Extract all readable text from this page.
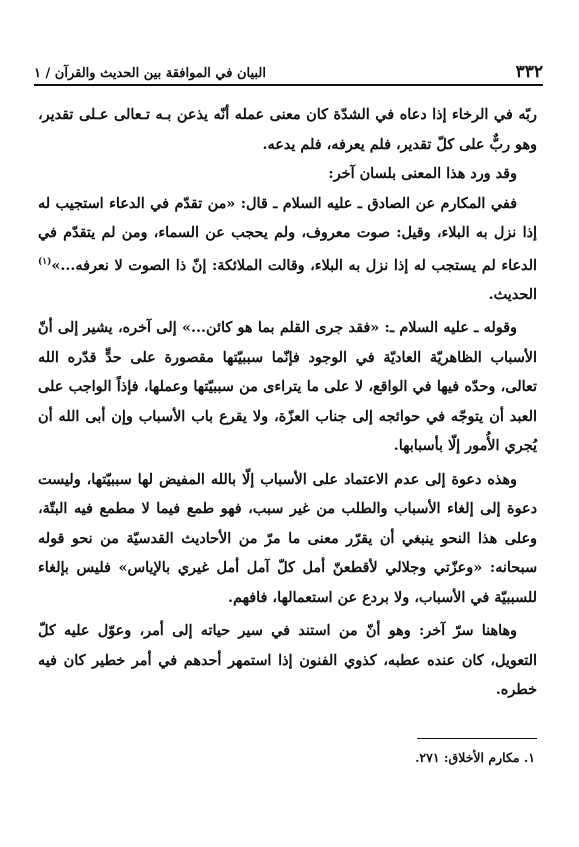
٣٣٢
البيان في الموافقة بين الحديث والقرآن / ١

ربّه في الرخاء إذا دعاه في الشدّة كان معنى عمله أنّه يذعن بـه تـعالى عـلى تقدير، وهو ربٌّ على كلّ تقدير، فلم يعرفه، فلم يدعه.

وقد ورد هذا المعنى بلسان آخر:

ففي المكارم عن الصادق ـ عليه السلام ـ قال: «من تقدّم في الدعاء استجيب له إذا نزل به البلاء، وقيل: صوت معروف، ولم يحجب عن السماء، ومن لم يتقدّم في الدعاء لم يستجب له إذا نزل به البلاء، وقالت الملائكة: إنّ ذا الصوت لا نعرفه...»$^{(١)}$ الحديث.

وقوله ـ عليه السلام ـ: «فقد جرى القلم بما هو كائن...» إلى آخره، يشير إلى أنّ الأسباب الظاهريّة العاديّة في الوجود فإنّما سببيّتها مقصورة على حدٍّ قدّره الله تعالى، وحدّه فيها في الواقع، لا على ما يتراءى من سببيّتها وعملها، فإذاً الواجب على العبد أن يتوجّه في حوائجه إلى جناب العزّة، ولا يقرع باب الأسباب وإن أبى الله أن يُجري الأُمور إلّا بأسبابها.

وهذه دعوة إلى عدم الاعتماد على الأسباب إلّا بالله المفيض لها سببيّتها، وليست دعوة إلى إلغاء الأسباب والطلب من غير سبب، فهو طمع فيما لا مطمع فيه البتّة، وعلى هذا النحو ينبغي أن يقرّر معنى ما مرّ من الأحاديث القدسيّة من نحو قوله سبحانه: «وعزّتي وجلالي لأقطعنّ أمل كلّ آمل أمل غيري بالإياس» فليس بإلغاء للسببيّة في الأسباب، ولا بردع عن استعمالها، فافهم.

وهاهنا سرّ آخر: وهو أنّ من استند في سير حياته إلى أمر، وعوّل عليه كلّ التعويل، كان عنده عطبه، كذوي الفنون إذا استمهر أحدهم في أمر خطير كان فيه خطره.

١. مكارم الأخلاق: ٢٧١.
